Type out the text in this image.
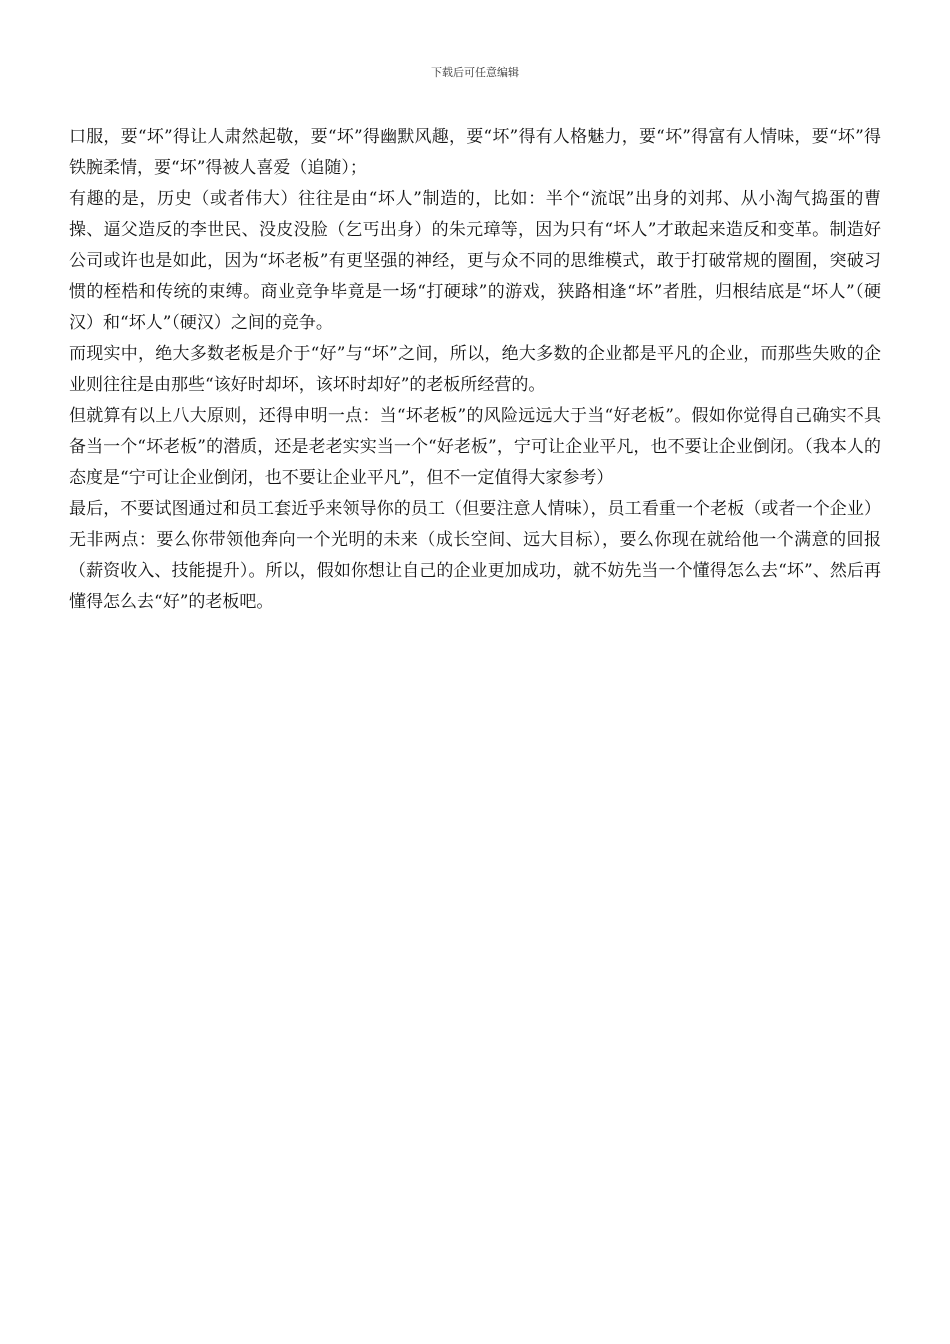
下载后可任意编辑

口服，要“坏”得让人肃然起敬，要“坏”得幽默风趣，要“坏”得有人格魅力，要“坏”得富有人情味，要“坏”得铁腕柔情，要“坏”得被人喜爱（追随）；

有趣的是，历史（或者伟大）往往是由“坏人”制造的，比如：半个“流氓”出身的刘邦、从小淘气捣蛋的曹操、逼父造反的李世民、没皮没脸（乞丐出身）的朱元璋等，因为只有“坏人”才敢起来造反和变革。制造好公司或许也是如此，因为“坏老板”有更坚强的神经，更与众不同的思维模式，敢于打破常规的圈囿，突破习惯的桎梏和传统的束缚。商业竞争毕竟是一场“打硬球”的游戏，狭路相逢“坏”者胜，归根结底是“坏人”（硬汉）和“坏人”（硬汉）之间的竞争。

而现实中，绝大多数老板是介于“好”与“坏”之间，所以，绝大多数的企业都是平凡的企业，而那些失败的企业则往往是由那些“该好时却坏，该坏时却好”的老板所经营的。

但就算有以上八大原则，还得申明一点：当“坏老板”的风险远远大于当“好老板”。假如你觉得自己确实不具备当一个“坏老板”的潜质，还是老老实实当一个“好老板”，宁可让企业平凡，也不要让企业倒闭。（我本人的态度是“宁可让企业倒闭，也不要让企业平凡”，但不一定值得大家参考）

最后，不要试图通过和员工套近乎来领导你的员工（但要注意人情味），员工看重一个老板（或者一个企业）无非两点：要么你带领他奔向一个光明的未来（成长空间、远大目标），要么你现在就给他一个满意的回报（薪资收入、技能提升）。所以，假如你想让自己的企业更加成功，就不妨先当一个懂得怎么去“坏”、然后再懂得怎么去“好”的老板吧。
